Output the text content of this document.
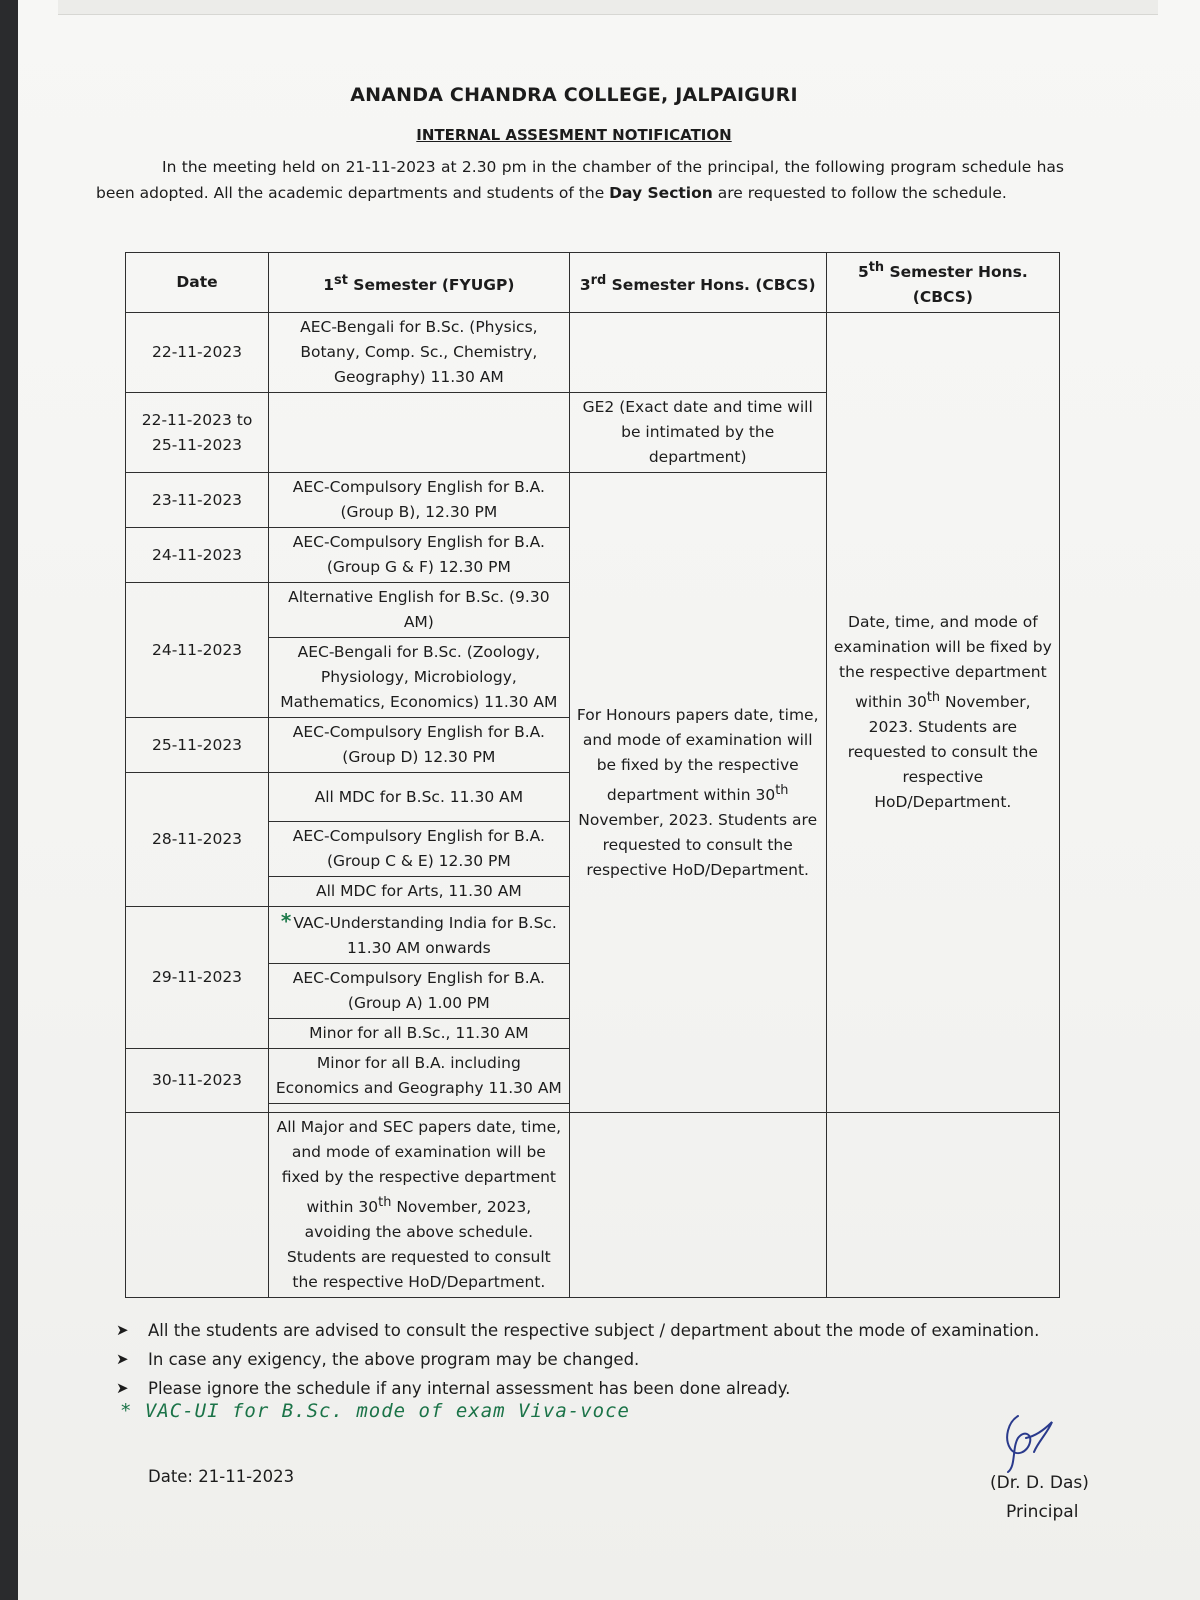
ANANDA CHANDRA COLLEGE, JALPAIGURI
INTERNAL ASSESMENT NOTIFICATION
In the meeting held on 21-11-2023 at 2.30 pm in the chamber of the principal, the following program schedule has been adopted. All the academic departments and students of the Day Section are requested to follow the schedule.
Date	1st Semester (FYUGP)	3rd Semester Hons. (CBCS)	5th Semester Hons. (CBCS)
22-11-2023	AEC-Bengali for B.Sc. (Physics, Botany, Comp. Sc., Chemistry, Geography) 11.30 AM		Date, time, and mode of examination will be fixed by the respective department within 30th November, 2023. Students are requested to consult the respective HoD/Department.
22-11-2023 to 25-11-2023		GE2 (Exact date and time will be intimated by the department)	
23-11-2023	AEC-Compulsory English for B.A. (Group B), 12.30 PM	For Honours papers date, time, and mode of examination will be fixed by the respective department within 30th November, 2023. Students are requested to consult the respective HoD/Department.	
24-11-2023	AEC-Compulsory English for B.A. (Group G & F) 12.30 PM		
24-11-2023	Alternative English for B.Sc. (9.30 AM)		
	AEC-Bengali for B.Sc. (Zoology, Physiology, Microbiology, Mathematics, Economics) 11.30 AM		
25-11-2023	AEC-Compulsory English for B.A. (Group D) 12.30 PM		
28-11-2023	All MDC for B.Sc. 11.30 AM		
	AEC-Compulsory English for B.A. (Group C & E) 12.30 PM		
	All MDC for Arts, 11.30 AM		
29-11-2023	* VAC-Understanding India for B.Sc. 11.30 AM onwards		
	AEC-Compulsory English for B.A. (Group A) 1.00 PM		
	Minor for all B.Sc., 11.30 AM		
30-11-2023	Minor for all B.A. including Economics and Geography 11.30 AM		

	All Major and SEC papers date, time, and mode of examination will be fixed by the respective department within 30th November, 2023, avoiding the above schedule. Students are requested to consult the respective HoD/Department.		
➤ All the students are advised to consult the respective subject / department about the mode of examination.
➤ In case any exigency, the above program may be changed.
➤ Please ignore the schedule if any internal assessment has been done already.
* VAC-UI for B.Sc. mode of exam Viva-voce
Date: 21-11-2023	(Dr. D. Das)
Principal
